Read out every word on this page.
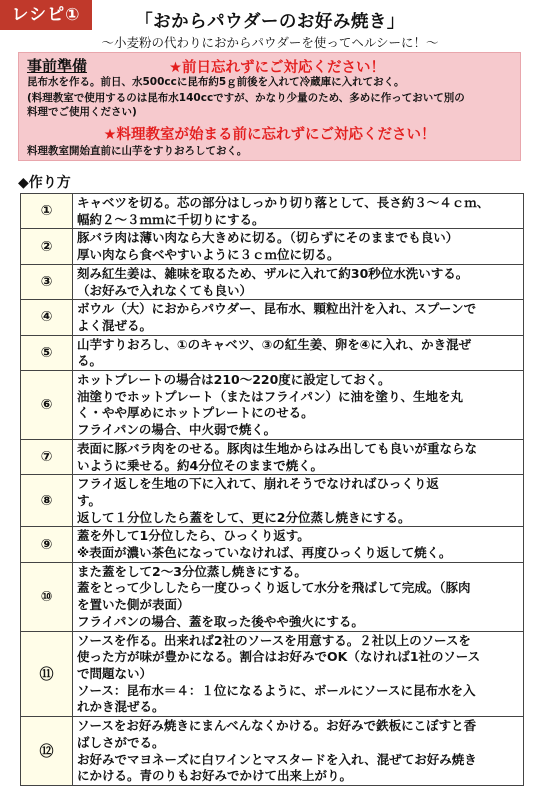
レシピ①	「おからパウダーのお好み焼き」
～小麦粉の代わりにおからパウダーを使ってヘルシーに！～
事前準備	★前日忘れずにご対応ください！
昆布水を作る。前日、水500ccに昆布約5ｇ前後を入れて冷蔵庫に入れておく。
(料理教室で使用するのは昆布水140ccですが、かなり少量のため、多めに作っておいて別の
料理でご使用ください)
★料理教室が始まる前に忘れずにご対応ください！
料理教室開始直前に山芋をすりおろしておく。
◆作り方
①	キャベツを切る。芯の部分はしっかり切り落として、長さ約３～４ｃｍ、
幅約２～３ｍｍに千切りにする。

②	豚バラ肉は薄い肉なら大きめに切る。（切らずにそのままでも良い）
厚い肉なら食べやすいように３ｃｍ位に切る。

③	刻み紅生姜は、雑味を取るため、ザルに入れて約30秒位水洗いする。
（お好みで入れなくても良い）

④	ボウル（大）におからパウダー、昆布水、顆粒出汁を入れ、スプーンで
よく混ぜる。

⑤	山芋すりおろし、①のキャベツ、③の紅生姜、卵を④に入れ、かき混ぜ
る。

⑥	ホットプレートの場合は210～220度に設定しておく。
油塗りでホットプレート（またはフライパン）に油を塗り、生地を丸
く・やや厚めにホットプレートにのせる。
フライパンの場合、中火弱で焼く。

⑦	表面に豚バラ肉をのせる。豚肉は生地からはみ出しても良いが重ならな
いように乗せる。約4分位そのままで焼く。

⑧	フライ返しを生地の下に入れて、崩れそうでなければひっくり返
す。
返して１分位したら蓋をして、更に2分位蒸し焼きにする。

⑨	蓋を外して1分位したら、ひっくり返す。
※表面が濃い茶色になっていなければ、再度ひっくり返して焼く。

⑩	また蓋をして2～3分位蒸し焼きにする。
蓋をとって少ししたら一度ひっくり返して水分を飛ばして完成。（豚肉
を置いた側が表面）
フライパンの場合、蓋を取った後やや強火にする。

⑪	ソースを作る。出来れば2社のソースを用意する。２社以上のソースを
使った方が味が豊かになる。割合はお好みでOK（なければ1社のソース
で問題ない）
ソース：昆布水＝４：１位になるように、ボールにソースに昆布水を入
れかき混ぜる。

⑫	ソースをお好み焼きにまんべんなくかける。お好みで鉄板にこぼすと香
ばしさがでる。
お好みでマヨネーズに白ワインとマスタードを入れ、混ぜてお好み焼き
にかける。青のりもお好みでかけて出来上がり。
